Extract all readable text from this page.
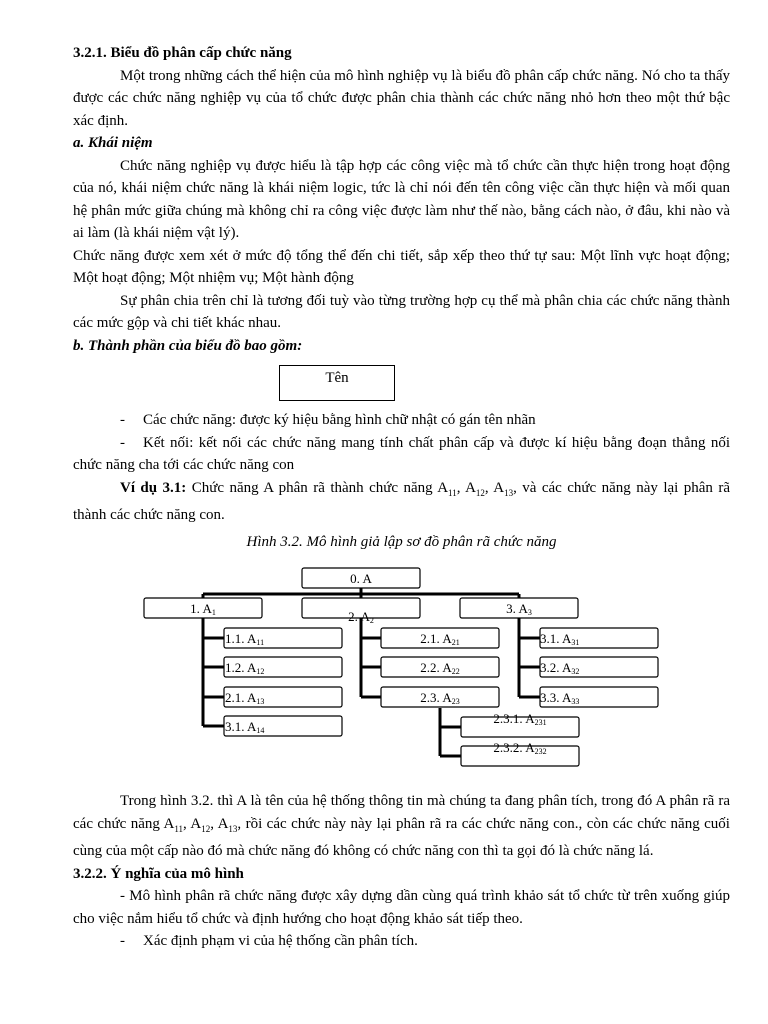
3.2.1. Biểu đồ phân cấp chức năng

Một trong những cách thể hiện của mô hình nghiệp vụ là biểu đồ phân cấp chức năng. Nó cho ta thấy được các chức năng nghiệp vụ của tổ chức được phân chia thành các chức năng nhỏ hơn theo một thứ bậc xác định.

a. Khái niệm

Chức năng nghiệp vụ được hiểu là tập hợp các công việc mà tổ chức cần thực hiện trong hoạt động của nó, khái niệm chức năng là khái niệm logic, tức là chỉ nói đến tên công việc cần thực hiện và mối quan hệ phân mức giữa chúng mà không chỉ ra công việc được làm như thế nào, bằng cách nào, ở đâu, khi nào và ai làm (là khái niệm vật lý).

Chức năng được xem xét ở mức độ tổng thể đến chi tiết, sắp xếp theo thứ tự sau: Một lĩnh vực hoạt động; Một hoạt động; Một nhiệm vụ; Một hành động

Sự phân chia trên chỉ là tương đối tuỳ vào từng trường hợp cụ thể mà phân chia các chức năng thành các mức gộp và chi tiết khác nhau.

b. Thành phần của biểu đồ bao gồm:

Tên

- Các chức năng: được ký hiệu bằng hình chữ nhật có gán tên nhãn

- Kết nối: kết nối các chức năng mang tính chất phân cấp và được kí hiệu bằng đoạn thẳng nối chức năng cha tới các chức năng con

Ví dụ 3.1: Chức năng A phân rã thành chức năng $A_{11}$, $A_{12}$, $A_{13}$, và các chức năng này lại phân rã thành các chức năng con.

Hình 3.2. Mô hình giả lập sơ đồ phân rã chức năng

0. A
1. A1	2. A2
3. A3
1.1. A11
1.2. A12
2.1. A13
3.1. A14
2.1. A21
2.2. A22
2.3. A23
2.3.1. A231
2.3.2. A232
3.1. A31
3.2. A32
3.3. A33

Trong hình 3.2. thì A là tên của hệ thống thông tin mà chúng ta đang phân tích, trong đó A phân rã ra các chức năng $A_{11}$, $A_{12}$, $A_{13}$, rồi các chức này này lại phân rã ra các chức năng con., còn các chức năng cuối cùng của một cấp nào đó mà chức năng đó không có chức năng con thì ta gọi đó là chức năng lá.

3.2.2. Ý nghĩa của mô hình

- Mô hình phân rã chức năng được xây dựng dần cùng quá trình khảo sát tổ chức từ trên xuống giúp cho việc nắm hiểu tổ chức và định hướng cho hoạt động khảo sát tiếp theo.

- Xác định phạm vi của hệ thống cần phân tích.
